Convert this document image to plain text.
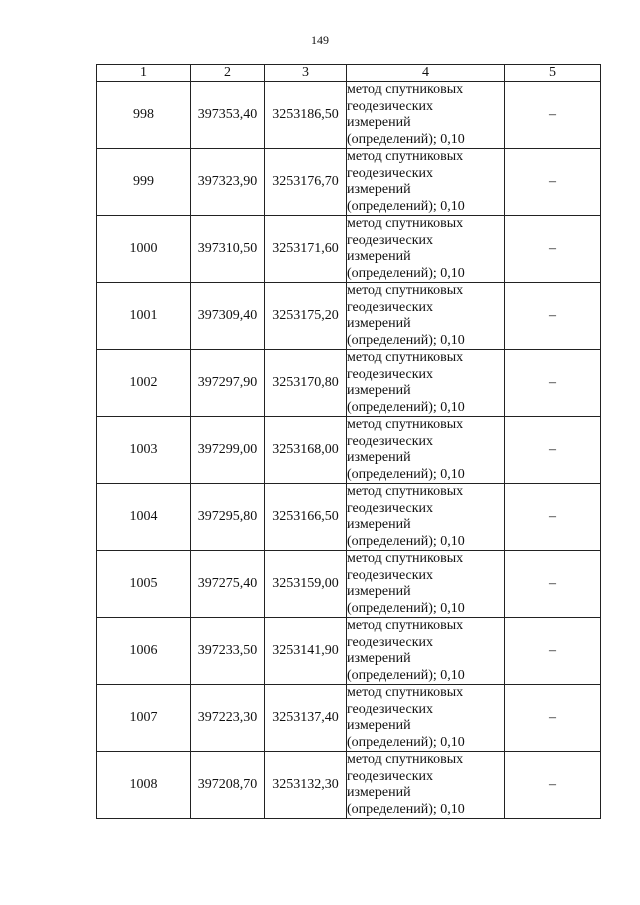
149
1	2	3	4	5
998	397353,40	3253186,50	метод спутниковых
геодезических
измерений
(определений); 0,10	–
999	397323,90	3253176,70	метод спутниковых
геодезических
измерений
(определений); 0,10	–
1000	397310,50	3253171,60	метод спутниковых
геодезических
измерений
(определений); 0,10	–
1001	397309,40	3253175,20	метод спутниковых
геодезических
измерений
(определений); 0,10	–
1002	397297,90	3253170,80	метод спутниковых
геодезических
измерений
(определений); 0,10	–
1003	397299,00	3253168,00	метод спутниковых
геодезических
измерений
(определений); 0,10	–
1004	397295,80	3253166,50	метод спутниковых
геодезических
измерений
(определений); 0,10	–
1005	397275,40	3253159,00	метод спутниковых
геодезических
измерений
(определений); 0,10	–
1006	397233,50	3253141,90	метод спутниковых
геодезических
измерений
(определений); 0,10	–
1007	397223,30	3253137,40	метод спутниковых
геодезических
измерений
(определений); 0,10	–
1008	397208,70	3253132,30	метод спутниковых
геодезических
измерений
(определений); 0,10	–
